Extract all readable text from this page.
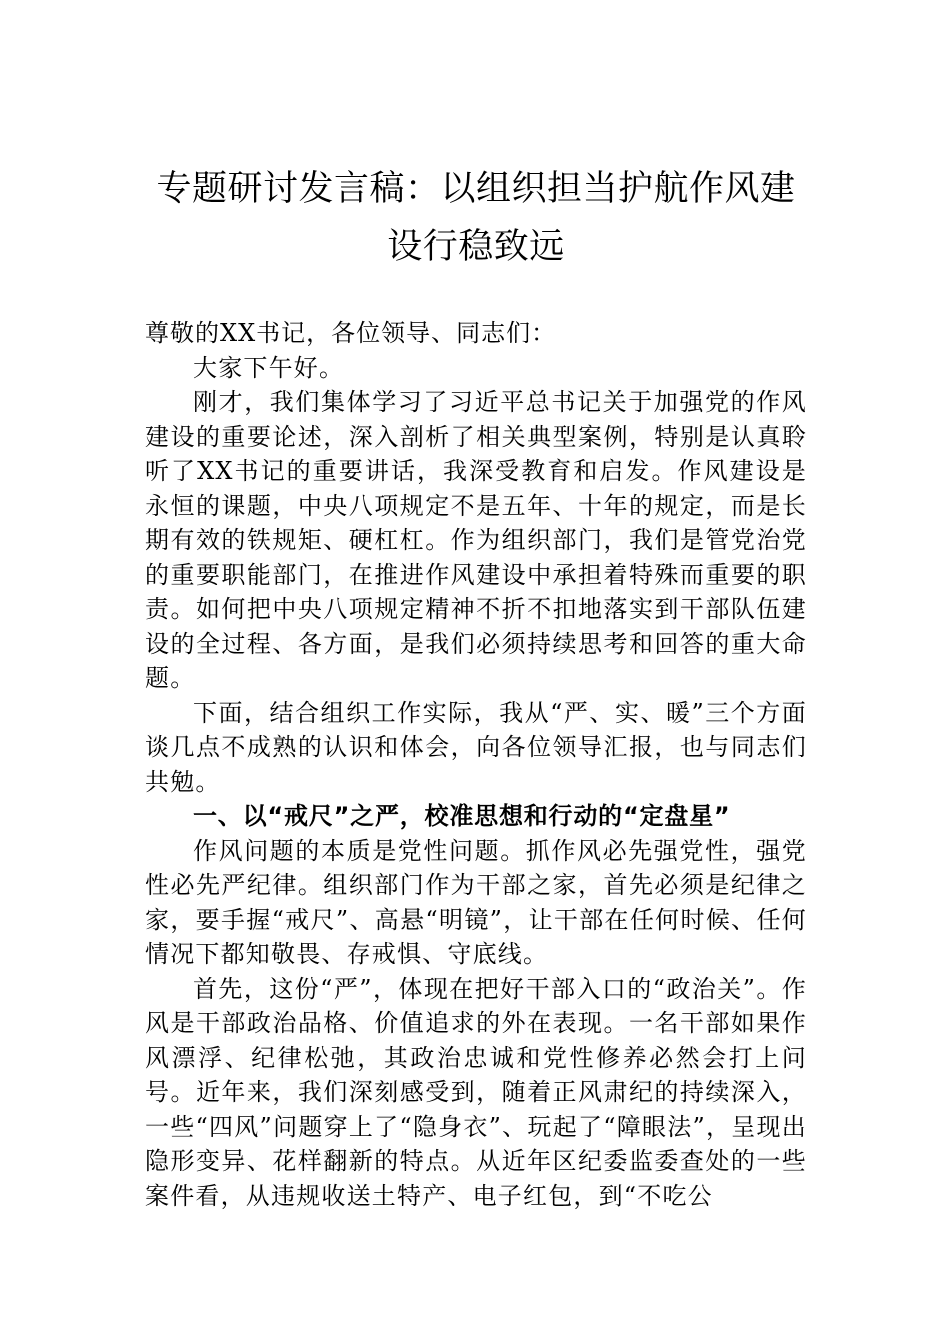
专题研讨发言稿：以组织担当护航作风建
设行稳致远

尊敬的XX书记，各位领导、同志们：

大家下午好。

刚才，我们集体学习了习近平总书记关于加强党的作风建设的重要论述，深入剖析了相关典型案例，特别是认真聆听了XX书记的重要讲话，我深受教育和启发。作风建设是永恒的课题，中央八项规定不是五年、十年的规定，而是长期有效的铁规矩、硬杠杠。作为组织部门，我们是管党治党的重要职能部门，在推进作风建设中承担着特殊而重要的职责。如何把中央八项规定精神不折不扣地落实到干部队伍建设的全过程、各方面，是我们必须持续思考和回答的重大命题。

下面，结合组织工作实际，我从“严、实、暖”三个方面谈几点不成熟的认识和体会，向各位领导汇报，也与同志们共勉。

一、以“戒尺”之严，校准思想和行动的“定盘星”

作风问题的本质是党性问题。抓作风必先强党性，强党性必先严纪律。组织部门作为干部之家，首先必须是纪律之家，要手握“戒尺”、高悬“明镜”，让干部在任何时候、任何情况下都知敬畏、存戒惧、守底线。

首先，这份“严”，体现在把好干部入口的“政治关”。作风是干部政治品格、价值追求的外在表现。一名干部如果作风漂浮、纪律松弛，其政治忠诚和党性修养必然会打上问号。近年来，我们深刻感受到，随着正风肃纪的持续深入，一些“四风”问题穿上了“隐身衣”、玩起了“障眼法”，呈现出隐形变异、花样翻新的特点。从近年区纪委监委查处的一些案件看，从违规收送土特产、电子红包，到“不吃公
